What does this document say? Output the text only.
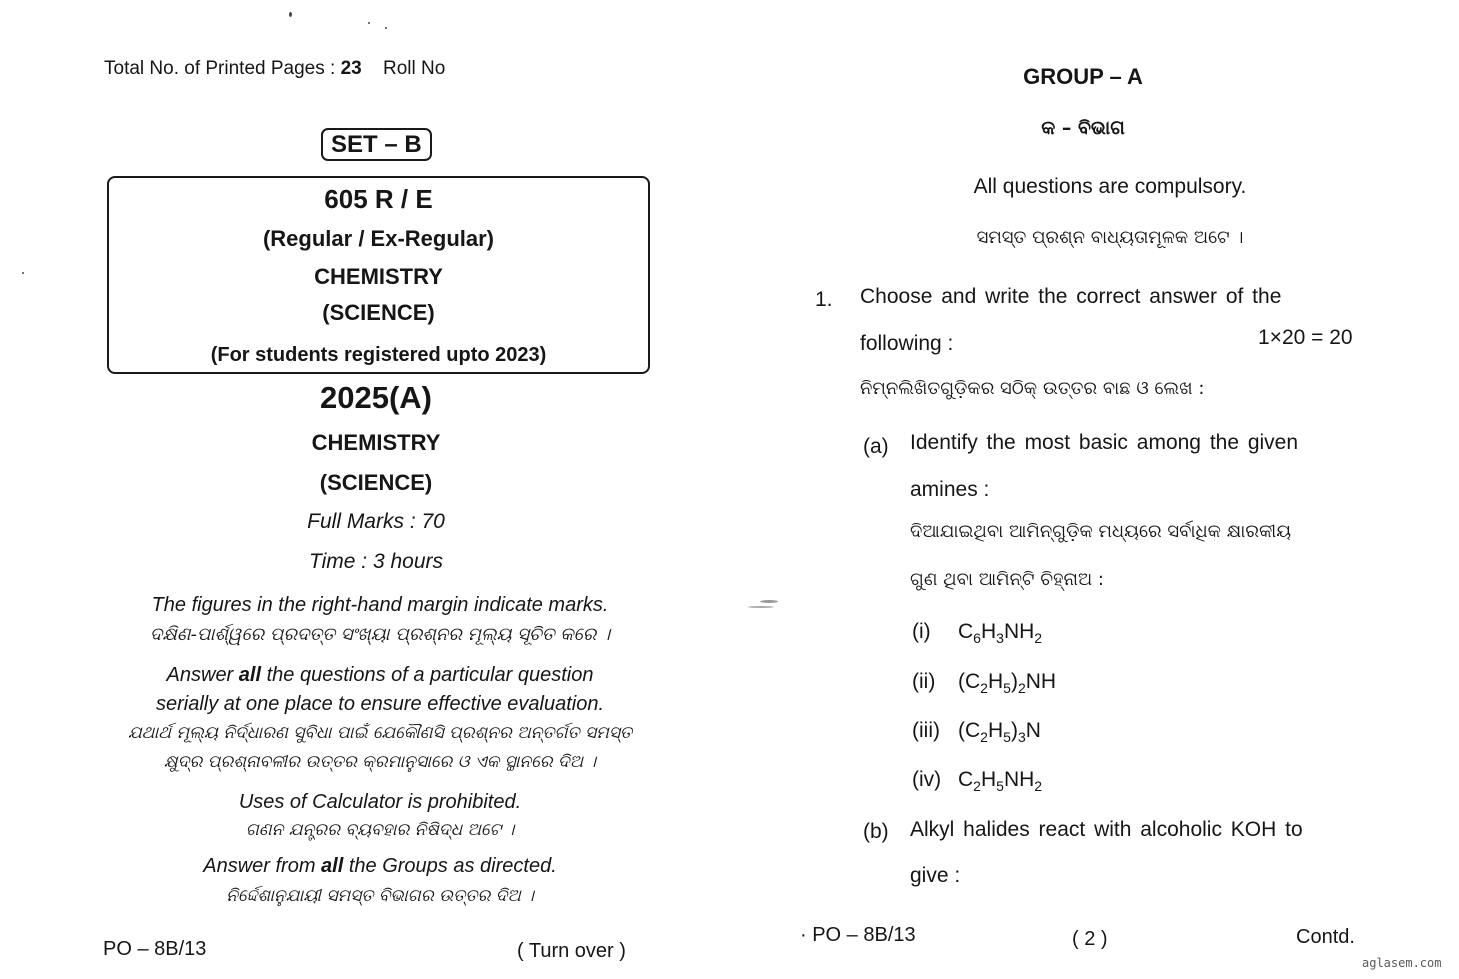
Total No. of Printed Pages : 23 Roll No
SET – B
605 R / E
(Regular / Ex-Regular)
CHEMISTRY
(SCIENCE)
(For students registered upto 2023)
2025(A)
CHEMISTRY
(SCIENCE)
Full Marks : 70
Time : 3 hours
The figures in the right-hand margin indicate marks.
ଦକ୍ଷିଣ-ପାର୍ଶ୍ୱରେ ପ୍ରଦତ୍ତ ସଂଖ୍ୟା ପ୍ରଶ୍ନର ମୂଲ୍ୟ ସୂଚିତ କରେ ।
Answer all the questions of a particular question
serially at one place to ensure effective evaluation.
ଯଥାର୍ଥ ମୂଲ୍ୟ ନିର୍ଦ୍ଧାରଣ ସୁବିଧା ପାଇଁ ଯେକୌଣସି ପ୍ରଶ୍ନର ଅନ୍ତର୍ଗତ ସମସ୍ତ
କ୍ଷୁଦ୍ର ପ୍ରଶ୍ନାବଳୀର ଉତ୍ତର କ୍ରମାନୁସାରେ ଓ ଏକ ସ୍ଥାନରେ ଦିଅ ।
Uses of Calculator is prohibited.
ଗଣନ ଯନ୍ତ୍ରର ବ୍ୟବହାର ନିଷିଦ୍ଧ ଅଟେ ।
Answer from all the Groups as directed.
ନିର୍ଦ୍ଦେଶାନୁଯାୟୀ ସମସ୍ତ ବିଭାଗର ଉତ୍ତର ଦିଅ ।
PO – 8B/13	( Turn over )
GROUP – A
କ – ବିଭାଗ
All questions are compulsory.
ସମସ୍ତ ପ୍ରଶ୍ନ ବାଧ୍ୟତାମୂଳକ ଅଟେ ।
1. Choose and write the correct answer of the
following :	1×20 = 20
ନିମ୍ନଲିଖିତଗୁଡ଼ିକର ସଠିକ୍ ଉତ୍ତର ବାଛ ଓ ଲେଖ :
(a) Identify the most basic among the given
amines :
ଦିଆଯାଇଥିବା ଆମିନ୍‌ଗୁଡ଼ିକ ମଧ୍ୟରେ ସର୍ବାଧିକ କ୍ଷାରକୀୟ
ଗୁଣ ଥିବା ଆମିନ୍‌ଟି ଚିହ୍ନାଅ :
(i) $C_6H_3NH_2$
(ii) $(C_2H_5)_2NH$
(iii) $(C_2H_5)_3N$
(iv) $C_2H_5NH_2$
(b) Alkyl halides react with alcoholic KOH to
give :
· PO – 8B/13	( 2 )	Contd.
aglasem.com
